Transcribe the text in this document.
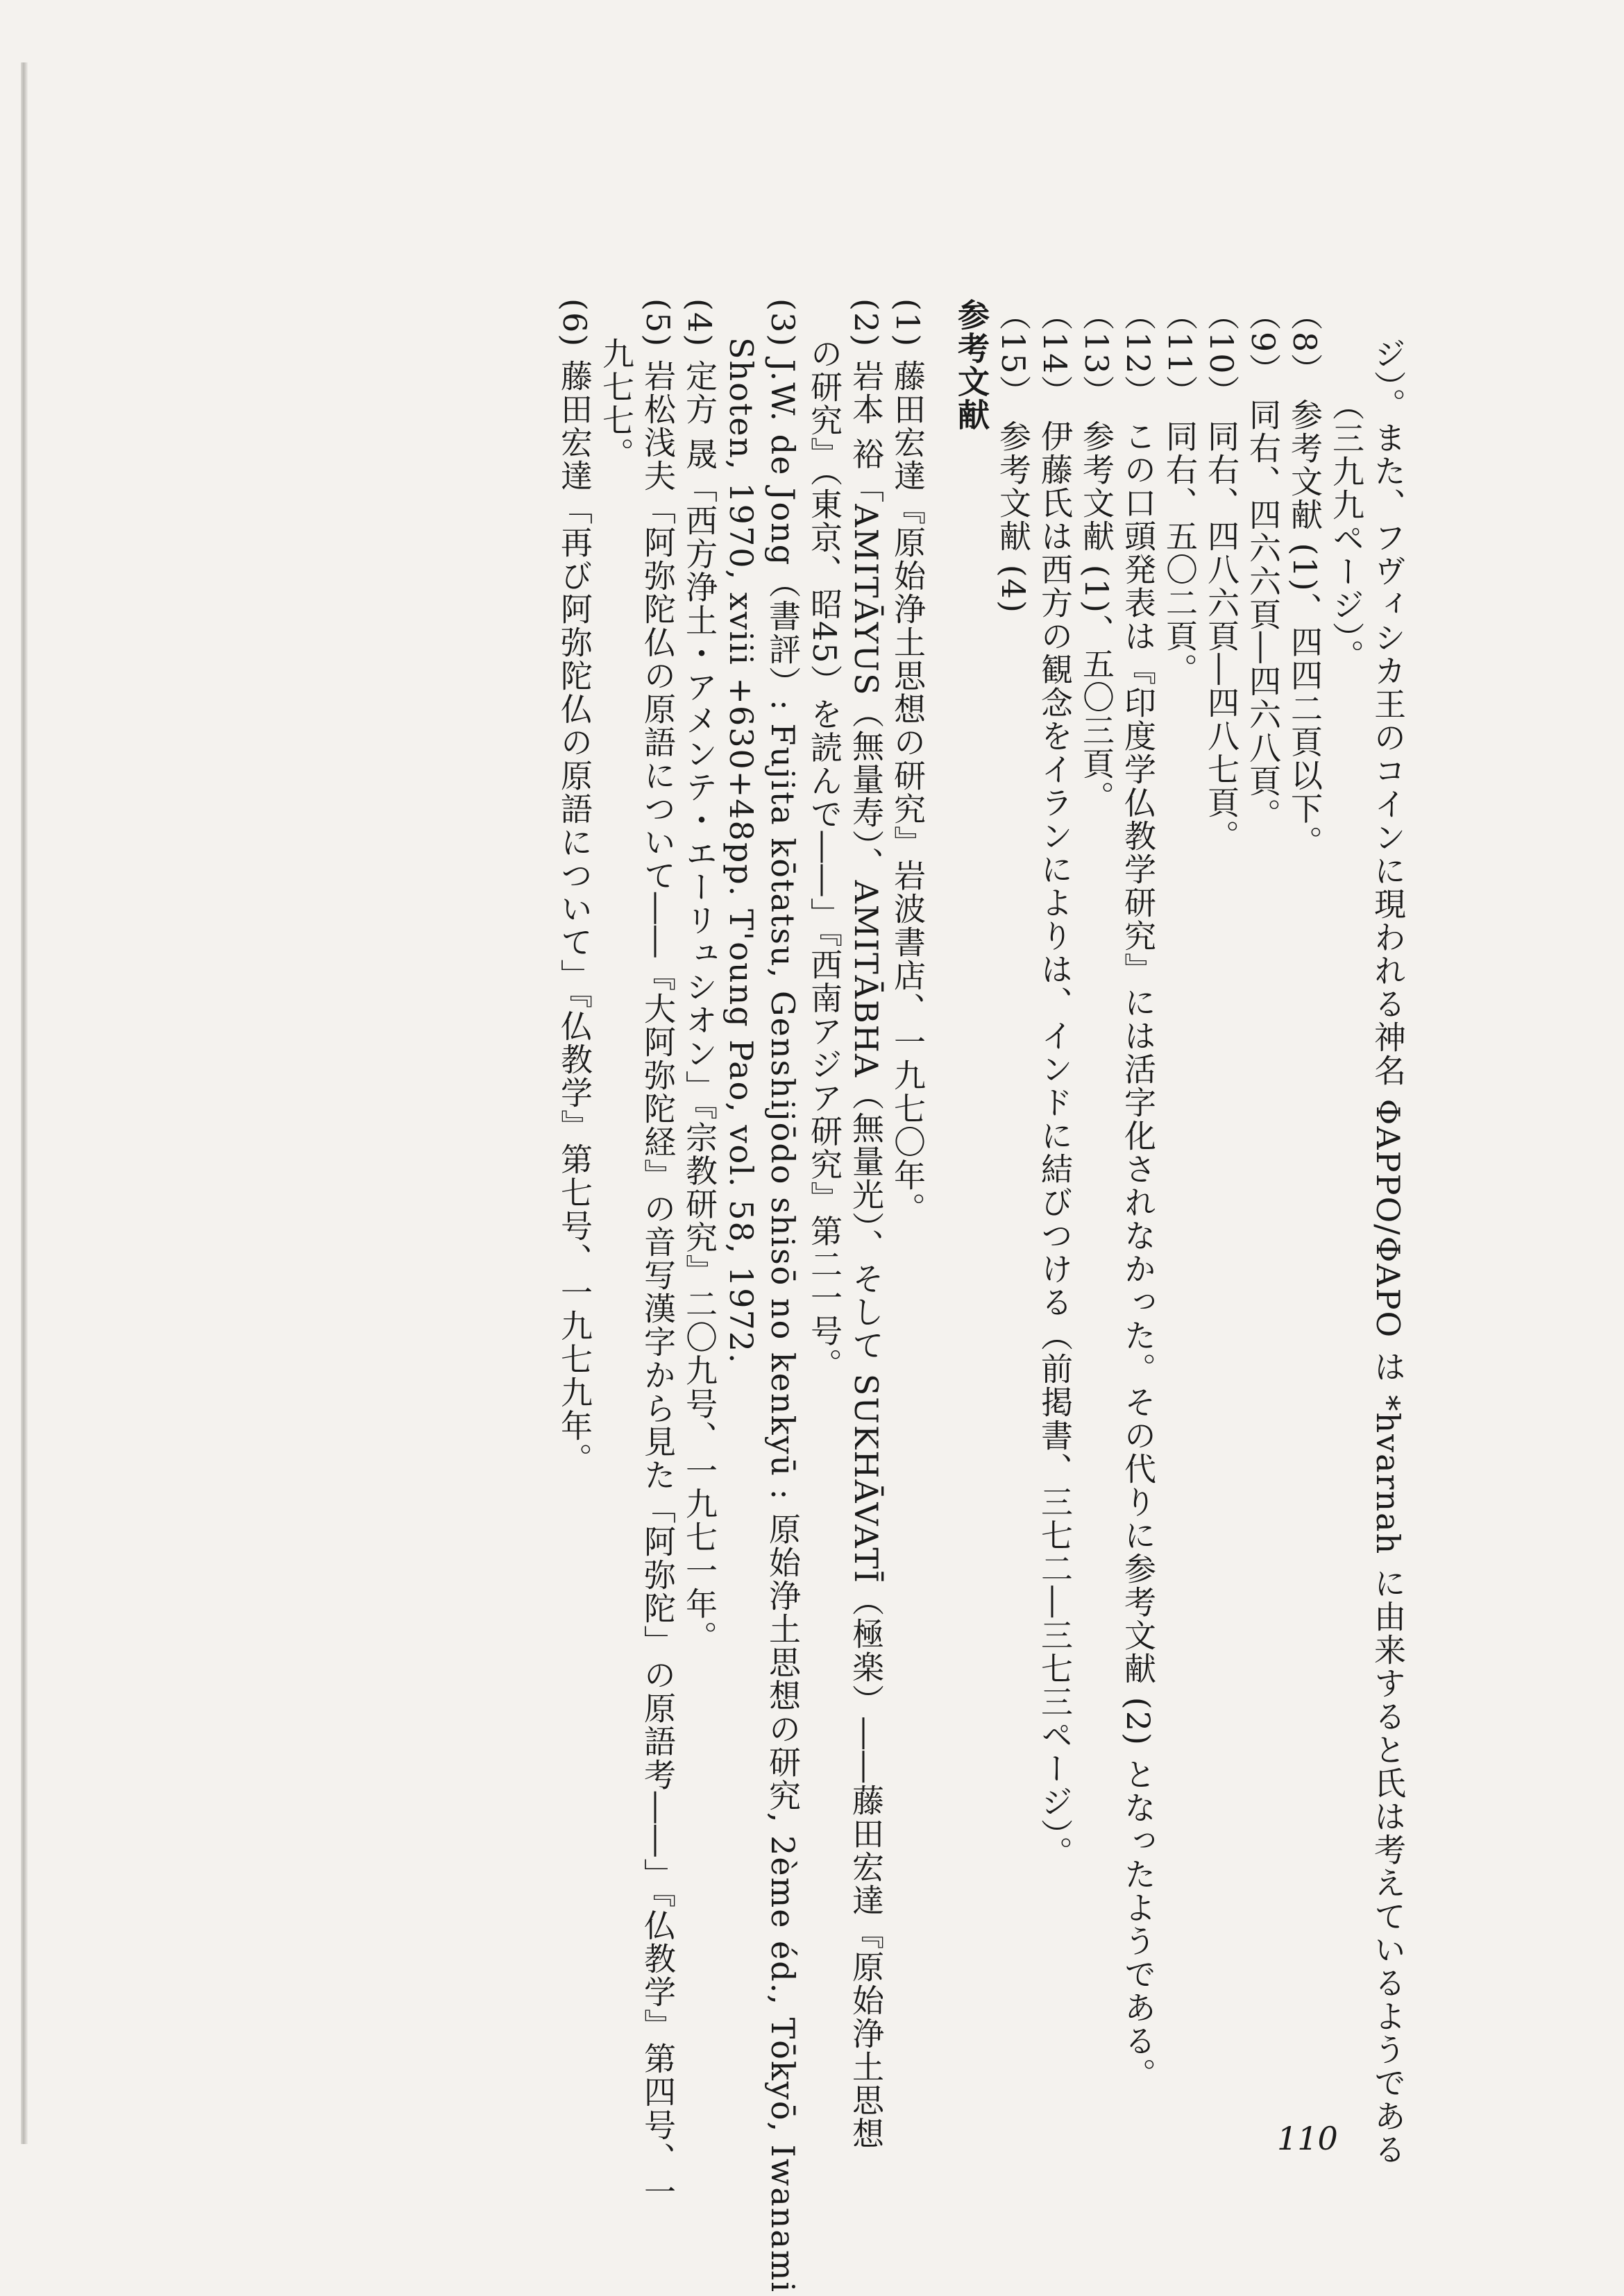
ジ）。また、フヴィシカ王のコインに現われる神名 ΦΑΡΡΟ/ΦΑΡΟ は *hvarnah に由来すると氏は考えているようである
（三九九ページ）。
（8） 参考文献 (1)、四四二頁以下。
（9） 同右、四六六頁―四六八頁。
（10） 同右、四八六頁―四八七頁。
（11） 同右、五〇二頁。
（12） この口頭発表は『印度学仏教学研究』には活字化されなかった。その代りに参考文献 (2) となったようである。
（13） 参考文献 (1)、五〇三頁。
（14） 伊藤氏は西方の観念をイランによりは、インドに結びつける（前掲書、三七二―三七三ページ）。
（15） 参考文献 (4)
参考文献
(1) 藤田宏達『原始浄土思想の研究』岩波書店、一九七〇年。
(2) 岩本 裕「AMITĀYUS（無量寿）、AMITĀBHA（無量光）、そして SUKHĀVATĪ（極楽）――藤田宏達『原始浄土思想
の研究』（東京、昭45）を読んで――」『西南アジア研究』第二一号。
(3) J.W. de Jong（書評）: Fujita kōtatsu, Genshijōdo shisō no kenkyū : 原始浄土思想の研究, 2ème éd., Tōkyō, Iwanami
Shoten, 1970, xviii +630+48pp. T'oung Pao, vol. 58, 1972.
(4) 定方 晟「西方浄土・アメンテ・エーリュシオン」『宗教研究』二〇九号、一九七一年。
(5) 岩松浅夫「阿弥陀仏の原語について――『大阿弥陀経』の音写漢字から見た「阿弥陀」の原語考――」『仏教学』第四号、一
九七七。
(6) 藤田宏達「再び阿弥陀仏の原語について」『仏教学』第七号、一九七九年。
110
